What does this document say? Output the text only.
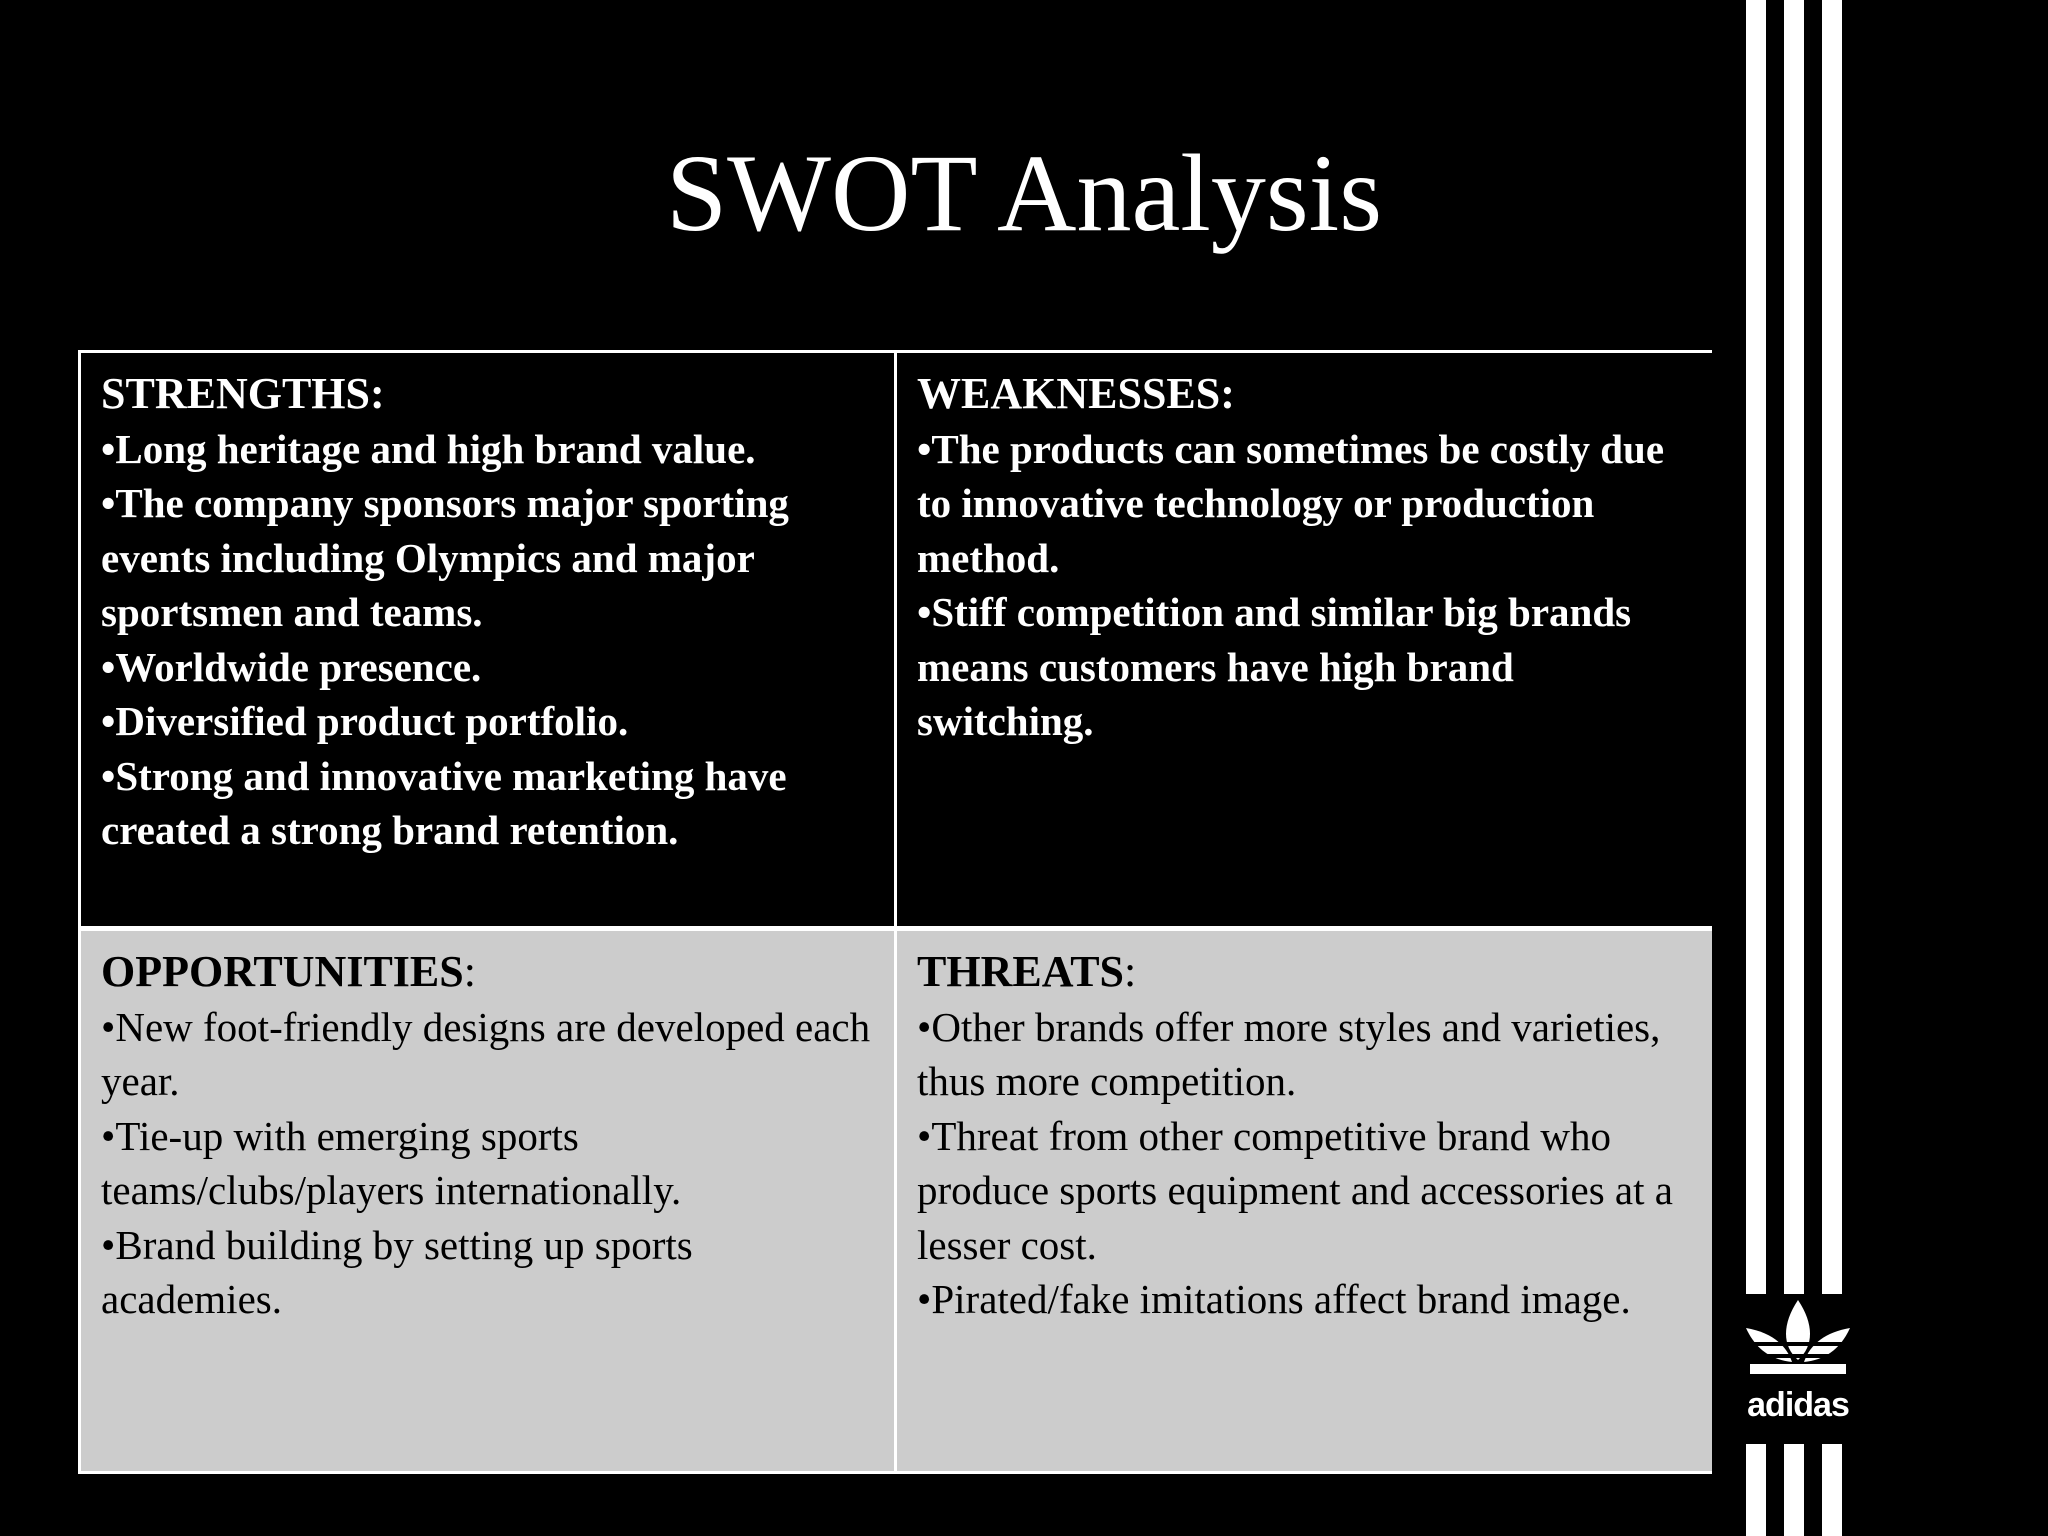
SWOT Analysis
STRENGTHS:
•Long heritage and high brand value.
•The company sponsors major sporting events including Olympics and major sportsmen and teams.
•Worldwide presence.
•Diversified product portfolio.
•Strong and innovative marketing have created a strong brand retention.
WEAKNESSES:
•The products can sometimes be costly due to innovative technology or production method.
•Stiff competition and similar big brands means customers have high brand switching.
OPPORTUNITIES:
•New foot-friendly designs are developed each year.
•Tie-up with emerging sports teams/clubs/players internationally.
•Brand building by setting up sports academies.
THREATS:
•Other brands offer more styles and varieties, thus more competition.
•Threat from other competitive brand who produce sports equipment and accessories at a lesser cost.
•Pirated/fake imitations affect brand image.
adidas
